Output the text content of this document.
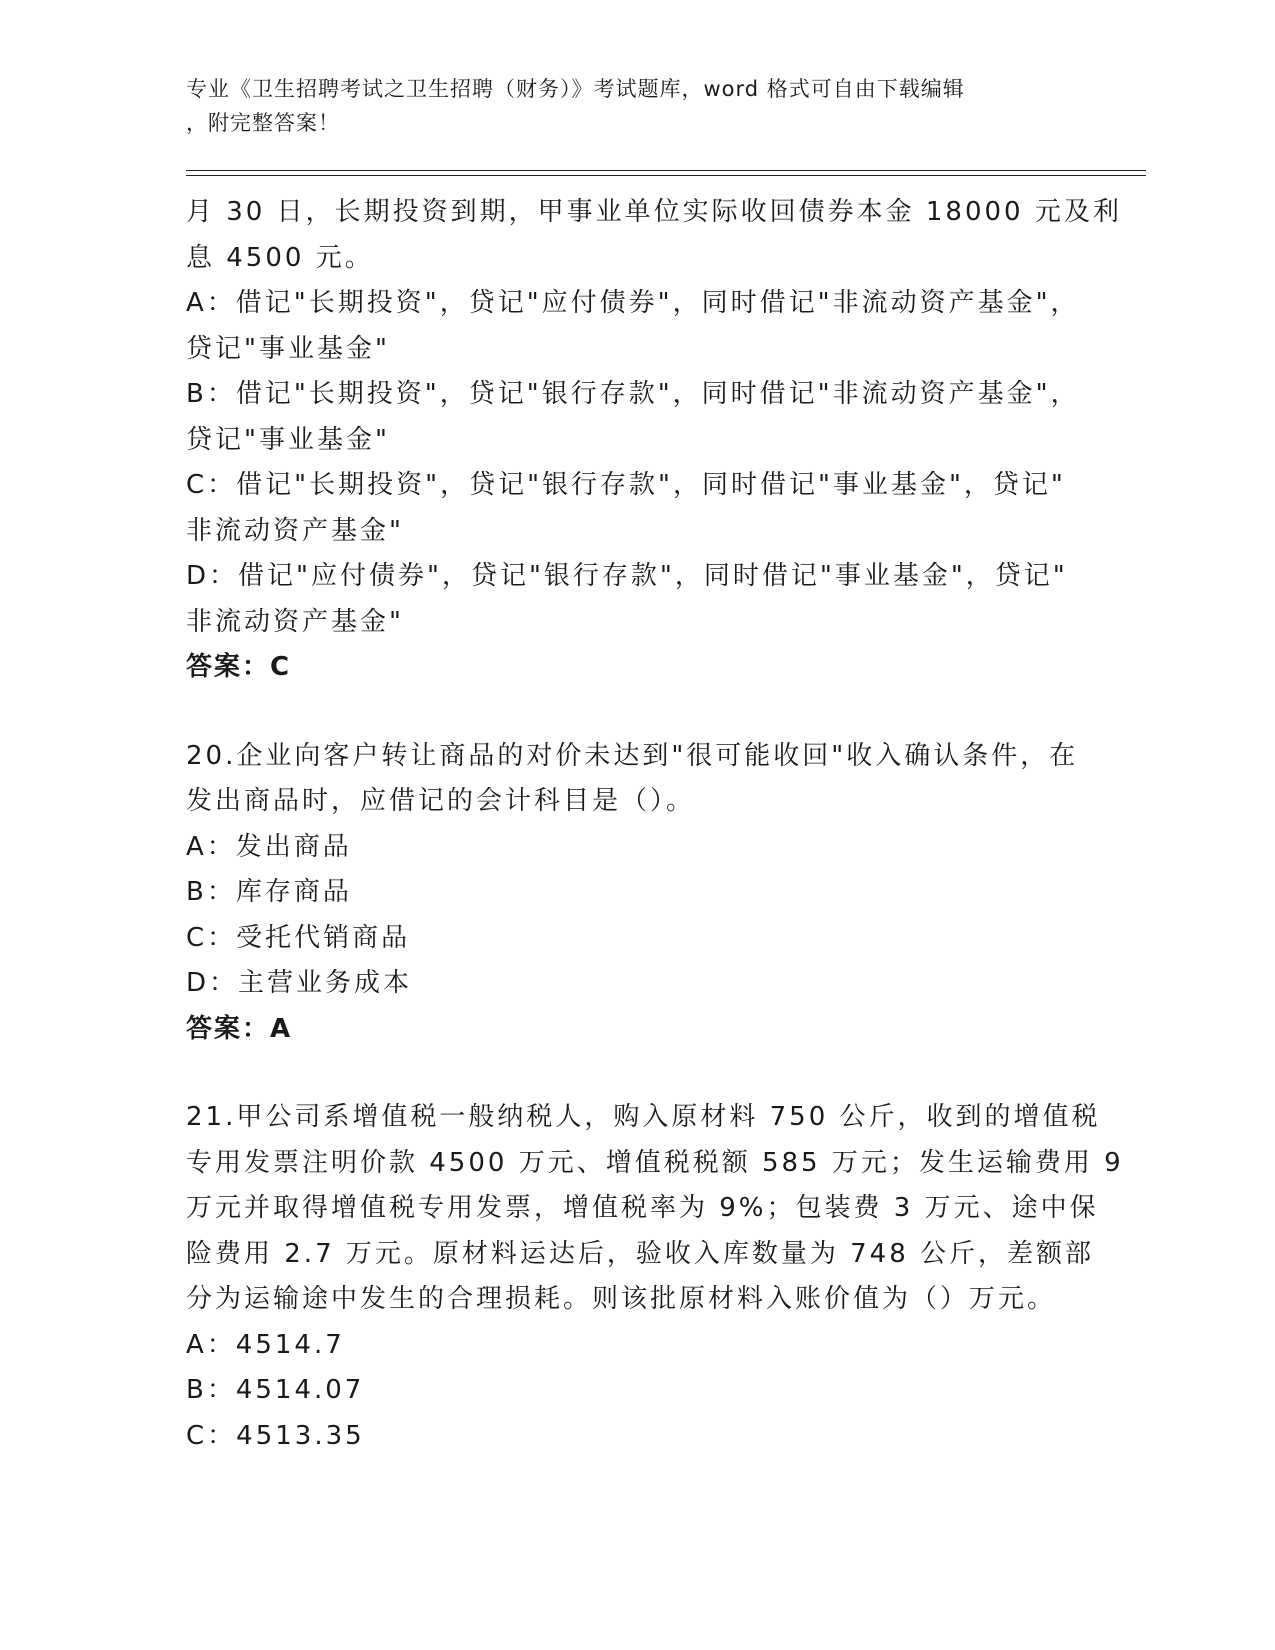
专业《卫生招聘考试之卫生招聘（财务）》考试题库，word 格式可自由下载编辑
，附完整答案！
月 30 日，长期投资到期，甲事业单位实际收回债券本金 18000 元及利
息 4500 元。
A：借记"长期投资"，贷记"应付债券"，同时借记"非流动资产基金"，
贷记"事业基金"
B：借记"长期投资"，贷记"银行存款"，同时借记"非流动资产基金"，
贷记"事业基金"
C：借记"长期投资"，贷记"银行存款"，同时借记"事业基金"，贷记"
非流动资产基金"
D：借记"应付债券"，贷记"银行存款"，同时借记"事业基金"，贷记"
非流动资产基金"
答案：C
20.企业向客户转让商品的对价未达到"很可能收回"收入确认条件，在
发出商品时，应借记的会计科目是（）。
A：发出商品
B：库存商品
C：受托代销商品
D：主营业务成本
答案：A
21.甲公司系增值税一般纳税人，购入原材料 750 公斤，收到的增值税
专用发票注明价款 4500 万元、增值税税额 585 万元；发生运输费用 9
万元并取得增值税专用发票，增值税率为 9%；包装费 3 万元、途中保
险费用 2.7 万元。原材料运达后，验收入库数量为 748 公斤，差额部
分为运输途中发生的合理损耗。则该批原材料入账价值为（）万元。
A：4514.7
B：4514.07
C：4513.35
